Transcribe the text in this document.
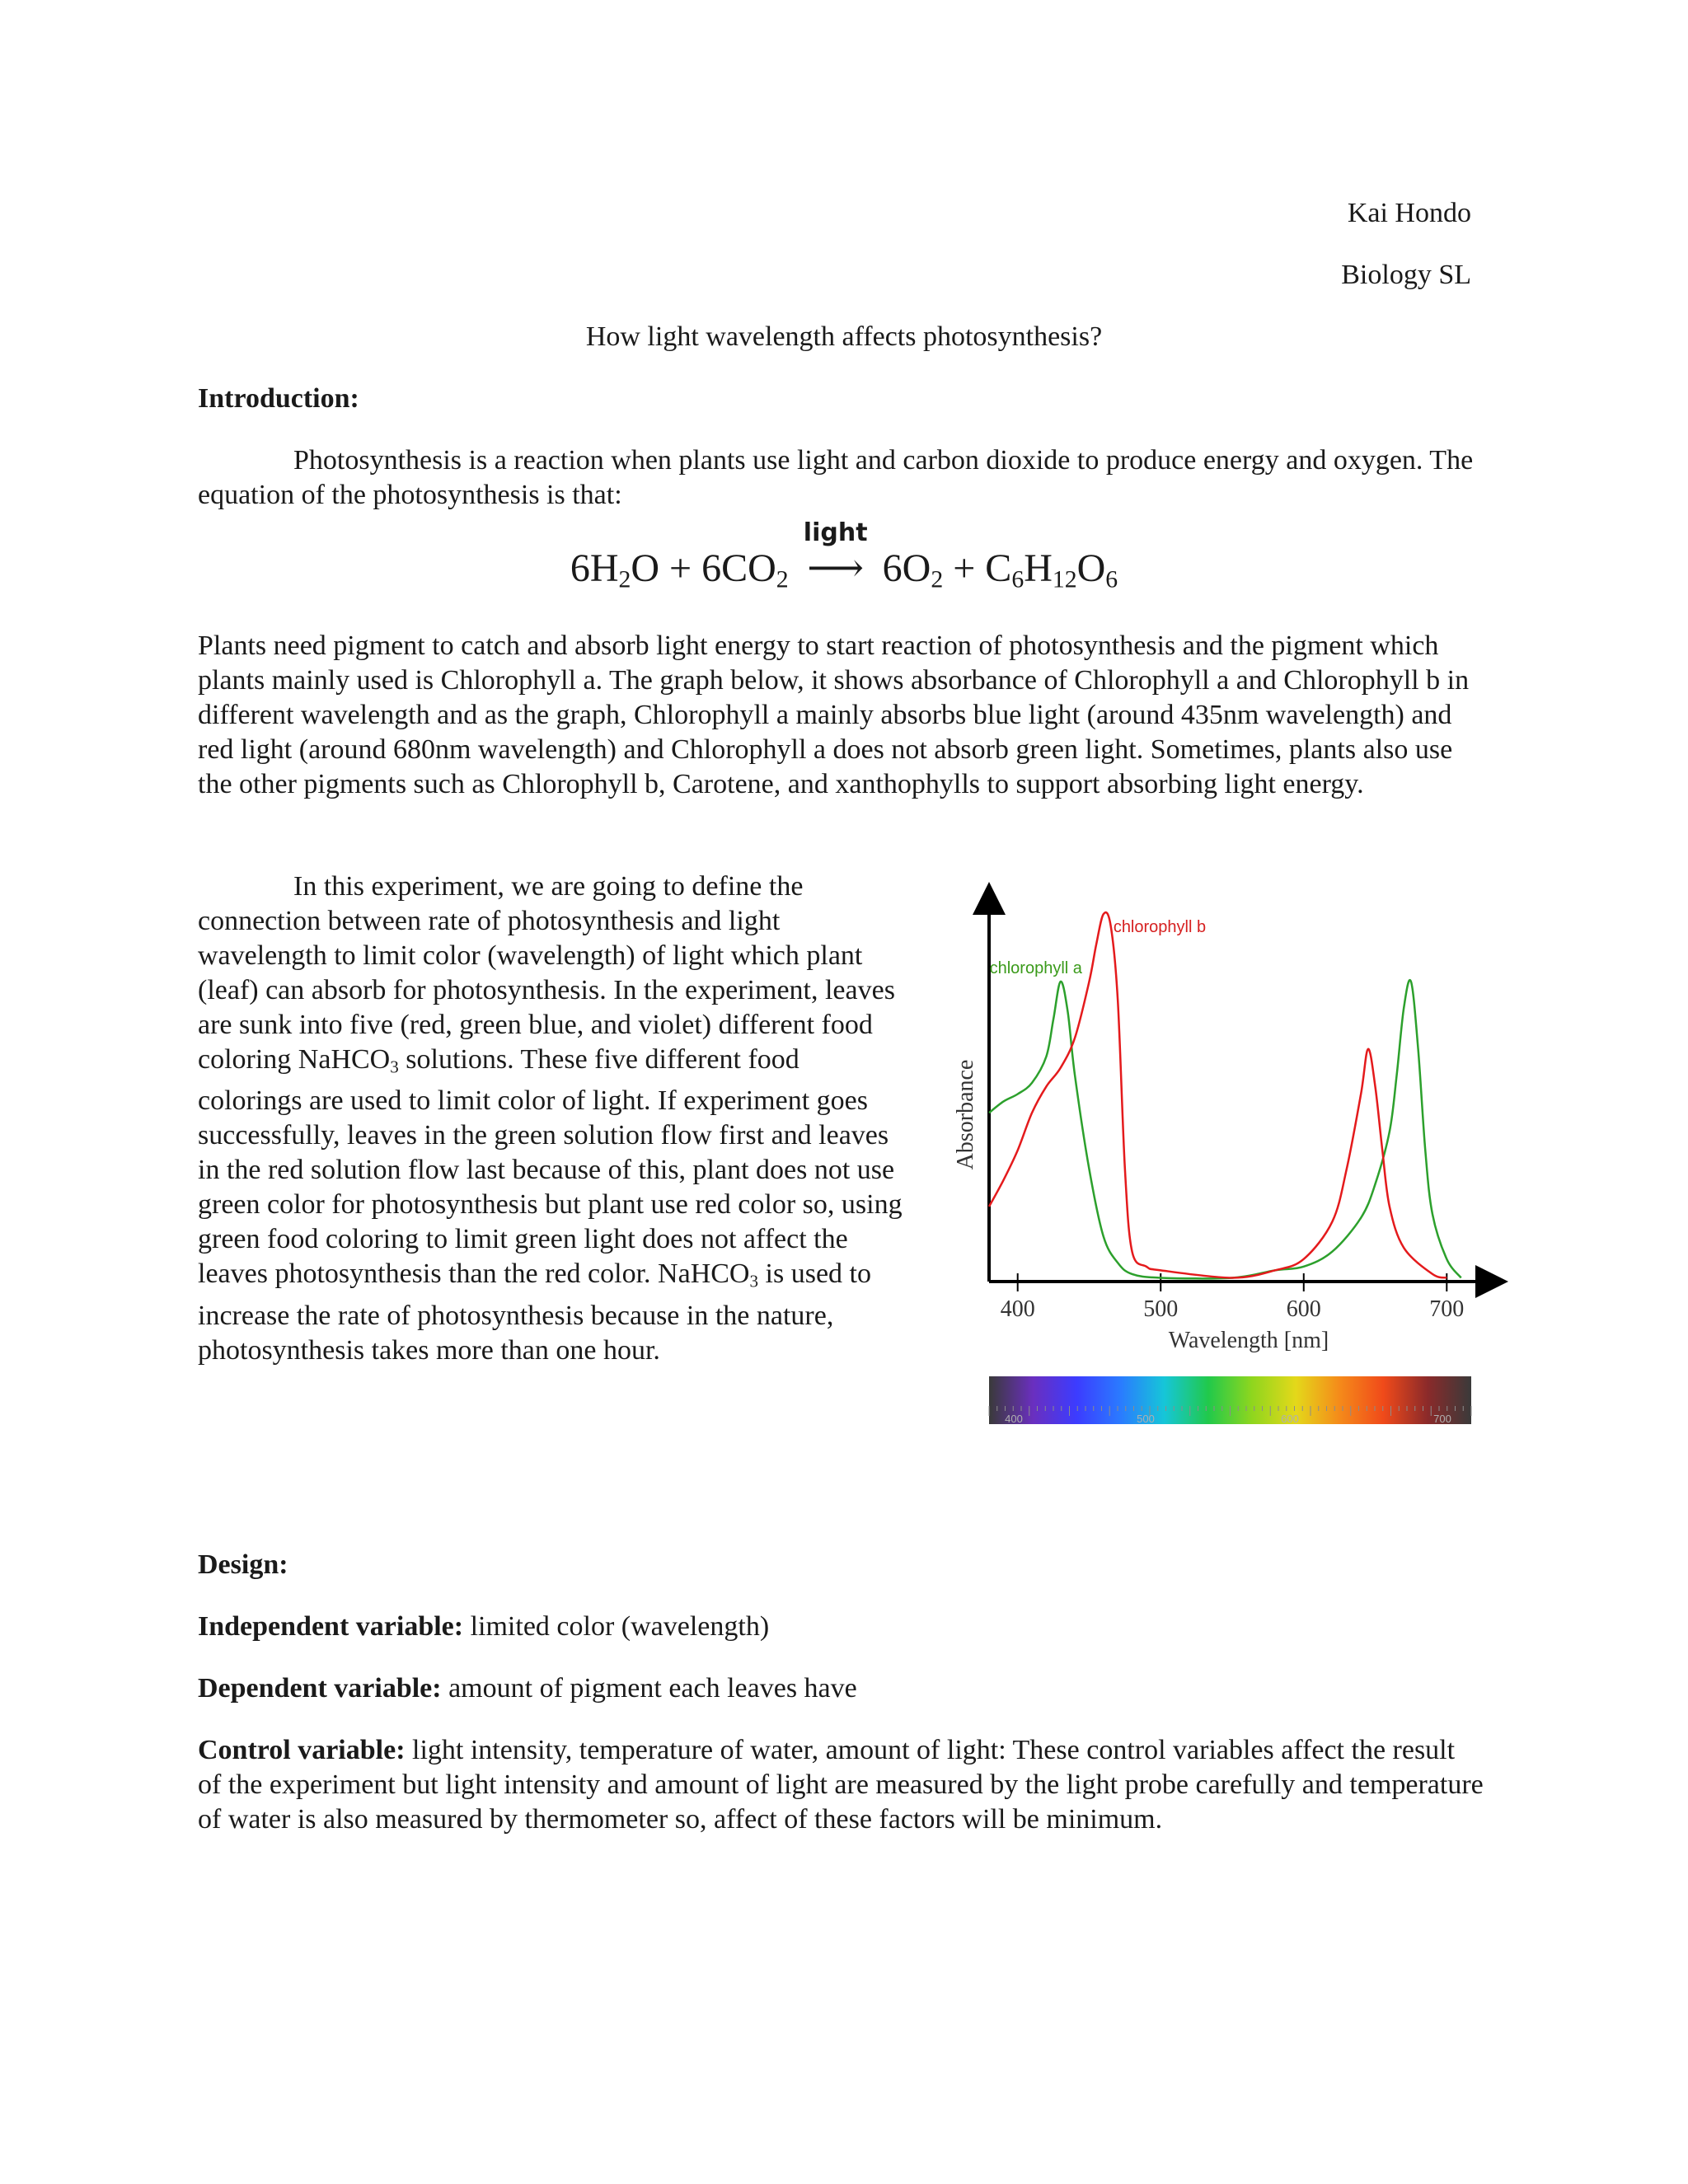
Kai Hondo
Biology SL
How light wavelength affects photosynthesis?
Introduction:

Photosynthesis is a reaction when plants use light and carbon dioxide to produce energy and oxygen. The equation of the photosynthesis is that:

$6H_2O + 6CO_2$
light
⟶ $6O_2 + C_6H_{12}O_6$

Plants need pigment to catch and absorb light energy to start reaction of photosynthesis and the pigment which plants mainly used is Chlorophyll a. The graph below, it shows absorbance of Chlorophyll a and Chlorophyll b in different wavelength and as the graph, Chlorophyll a mainly absorbs blue light (around 435nm wavelength) and red light (around 680nm wavelength) and Chlorophyll a does not absorb green light. Sometimes, plants also use the other pigments such as Chlorophyll b, Carotene, and xanthophylls to support absorbing light energy.

In this experiment, we are going to define the connection between rate of photosynthesis and light wavelength to limit color (wavelength) of light which plant (leaf) can absorb for photosynthesis. In the experiment, leaves are sunk into five (red, green blue, and violet) different food coloring NaHCO$_3$ solutions. These five different food colorings are used to limit color of light. If experiment goes successfully, leaves in the green solution flow first and leaves in the red solution flow last because of this, plant does not use green color for photosynthesis but plant use red color so, using green food coloring to limit green light does not affect the leaves photosynthesis than the red color. NaHCO$_3$ is used to increase the rate of photosynthesis because in the nature, photosynthesis takes more than one hour.

400	500	600	700
Wavelength [nm]
Absorbance
chlorophyll a
chlorophyll b
400	500	600	700
Design:
Independent variable: limited color (wavelength)
Dependent variable: amount of pigment each leaves have

Control variable: light intensity, temperature of water, amount of light: These control variables affect the result of the experiment but light intensity and amount of light are measured by the light probe carefully and temperature of water is also measured by thermometer so, affect of these factors will be minimum.
